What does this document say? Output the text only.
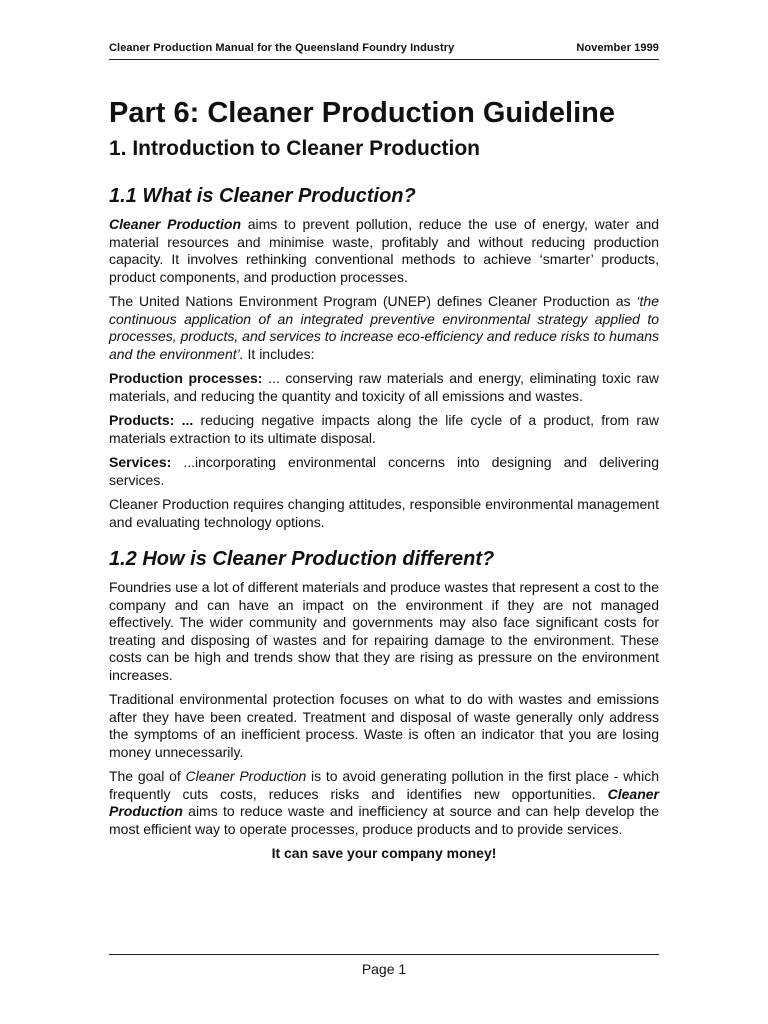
Cleaner Production Manual for the Queensland Foundry Industry	November 1999
Part 6: Cleaner Production Guideline
1. Introduction to Cleaner Production
1.1 What is Cleaner Production?

Cleaner Production aims to prevent pollution, reduce the use of energy, water and material resources and minimise waste, profitably and without reducing production capacity. It involves rethinking conventional methods to achieve ‘smarter’ products, product components, and production processes.

The United Nations Environment Program (UNEP) defines Cleaner Production as ‘the continuous application of an integrated preventive environmental strategy applied to processes, products, and services to increase eco-efficiency and reduce risks to humans and the environment’. It includes:

Production processes: ... conserving raw materials and energy, eliminating toxic raw materials, and reducing the quantity and toxicity of all emissions and wastes.

Products: ... reducing negative impacts along the life cycle of a product, from raw materials extraction to its ultimate disposal.

Services: ...incorporating environmental concerns into designing and delivering services.

Cleaner Production requires changing attitudes, responsible environmental management and evaluating technology options.

1.2 How is Cleaner Production different?

Foundries use a lot of different materials and produce wastes that represent a cost to the company and can have an impact on the environment if they are not managed effectively. The wider community and governments may also face significant costs for treating and disposing of wastes and for repairing damage to the environment. These costs can be high and trends show that they are rising as pressure on the environment increases.

Traditional environmental protection focuses on what to do with wastes and emissions after they have been created. Treatment and disposal of waste generally only address the symptoms of an inefficient process. Waste is often an indicator that you are losing money unnecessarily.

The goal of Cleaner Production is to avoid generating pollution in the first place - which frequently cuts costs, reduces risks and identifies new opportunities. Cleaner Production aims to reduce waste and inefficiency at source and can help develop the most efficient way to operate processes, produce products and to provide services.

It can save your company money!

Page 1
